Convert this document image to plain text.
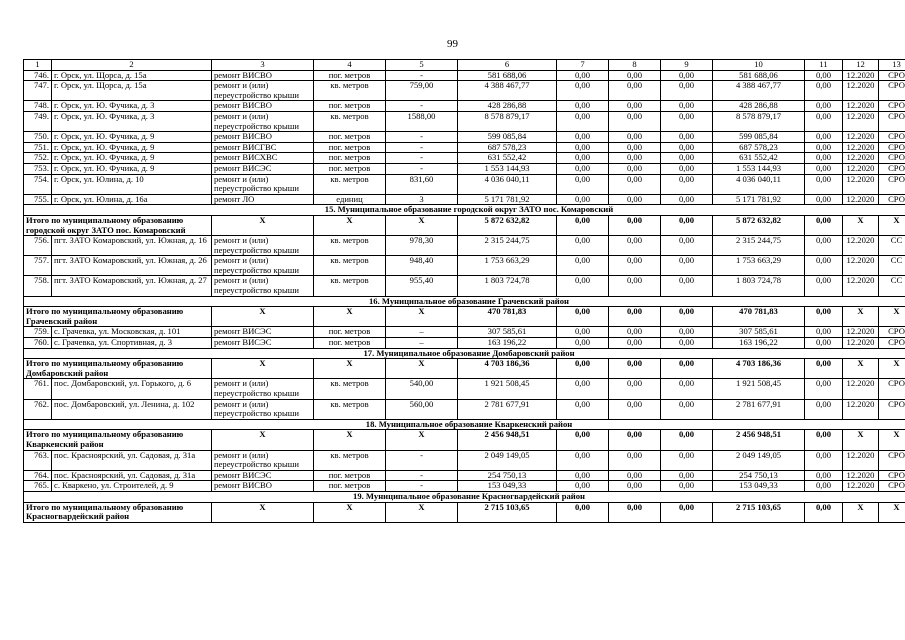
99
1	2	3	4	5	6	7	8	9	10	11	12	13
746.	г. Орск, ул. Щорса, д. 15а	ремонт ВИСВО	пог. метров	-	581 688,06	0,00	0,00	0,00	581 688,06	0,00	12.2020	СРО
747.	г. Орск, ул. Щорса, д. 15а	ремонт и (или) переустройство крыши	кв. метров	759,00	4 388 467,77	0,00	0,00	0,00	4 388 467,77	0,00	12.2020	СРО
748.	г. Орск, ул. Ю. Фучика, д. 3	ремонт ВИСВО	пог. метров	-	428 286,88	0,00	0,00	0,00	428 286,88	0,00	12.2020	СРО
749.	г. Орск, ул. Ю. Фучика, д. 3	ремонт и (или) переустройство крыши	кв. метров	1588,00	8 578 879,17	0,00	0,00	0,00	8 578 879,17	0,00	12.2020	СРО
750.	г. Орск, ул. Ю. Фучика, д. 9	ремонт ВИСВО	пог. метров	-	599 085,84	0,00	0,00	0,00	599 085,84	0,00	12.2020	СРО
751.	г. Орск, ул. Ю. Фучика, д. 9	ремонт ВИСГВС	пог. метров	-	687 578,23	0,00	0,00	0,00	687 578,23	0,00	12.2020	СРО
752.	г. Орск, ул. Ю. Фучика, д. 9	ремонт ВИСХВС	пог. метров	-	631 552,42	0,00	0,00	0,00	631 552,42	0,00	12.2020	СРО
753.	г. Орск, ул. Ю. Фучика, д. 9	ремонт ВИСЭС	пог. метров	-	1 553 144,93	0,00	0,00	0,00	1 553 144,93	0,00	12.2020	СРО
754.	г. Орск, ул. Юлина, д. 10	ремонт и (или) переустройство крыши	кв. метров	831,60	4 036 040,11	0,00	0,00	0,00	4 036 040,11	0,00	12.2020	СРО
755.	г. Орск, ул. Юлина, д. 16а	ремонт ЛО	единиц	3	5 171 781,92	0,00	0,00	0,00	5 171 781,92	0,00	12.2020	СРО
15. Муниципальное образование городской округ ЗАТО пос. Комаровский												
Итого по муниципальному образованию городской округ ЗАТО пос. Комаровский		X	X	X	5 872 632,82	0,00	0,00	0,00	5 872 632,82	0,00	X	X
756.	пгт. ЗАТО Комаровский, ул. Южная, д. 16	ремонт и (или) переустройство крыши	кв. метров	978,30	2 315 244,75	0,00	0,00	0,00	2 315 244,75	0,00	12.2020	СС
757.	пгт. ЗАТО Комаровский, ул. Южная, д. 26	ремонт и (или) переустройство крыши	кв. метров	948,40	1 753 663,29	0,00	0,00	0,00	1 753 663,29	0,00	12.2020	СС
758.	пгт. ЗАТО Комаровский, ул. Южная, д. 27	ремонт и (или) переустройство крыши	кв. метров	955,40	1 803 724,78	0,00	0,00	0,00	1 803 724,78	0,00	12.2020	СС
16. Муниципальное образование Грачевский район												
Итого по муниципальному образованию Грачевский район		X	X	X	470 781,83	0,00	0,00	0,00	470 781,83	0,00	X	X
759.	с. Грачевка, ул. Московская, д. 101	ремонт ВИСЭС	пог. метров	–	307 585,61	0,00	0,00	0,00	307 585,61	0,00	12.2020	СРО
760.	с. Грачевка, ул. Спортивная, д. 3	ремонт ВИСЭС	пог. метров	–	163 196,22	0,00	0,00	0,00	163 196,22	0,00	12.2020	СРО
17. Муниципальное образование Домбаровский район												
Итого по муниципальному образованию Домбаровский район		X	X	X	4 703 186,36	0,00	0,00	0,00	4 703 186,36	0,00	X	X
761.	пос. Домбаровский, ул. Горького, д. 6	ремонт и (или) переустройство крыши	кв. метров	540,00	1 921 508,45	0,00	0,00	0,00	1 921 508,45	0,00	12.2020	СРО
762.	пос. Домбаровский, ул. Ленина, д. 102	ремонт и (или) переустройство крыши	кв. метров	560,00	2 781 677,91	0,00	0,00	0,00	2 781 677,91	0,00	12.2020	СРО
18. Муниципальное образование Кваркенский район												
Итого по муниципальному образованию Кваркенский район		X	X	X	2 456 948,51	0,00	0,00	0,00	2 456 948,51	0,00	X	X
763.	пос. Красноярский, ул. Садовая, д. 31а	ремонт и (или) переустройство крыши	кв. метров	-	2 049 149,05	0,00	0,00	0,00	2 049 149,05	0,00	12.2020	СРО
764.	пос. Красноярский, ул. Садовая, д. 31а	ремонт ВИСЭС	пог. метров	-	254 750,13	0,00	0,00	0,00	254 750,13	0,00	12.2020	СРО
765.	с. Кваркено, ул. Строителей, д. 9	ремонт ВИСВО	пог. метров	-	153 049,33	0,00	0,00	0,00	153 049,33	0,00	12.2020	СРО
19. Муниципальное образование Красногвардейский район												
Итого по муниципальному образованию Красногвардейский район		X	X	X	2 715 103,65	0,00	0,00	0,00	2 715 103,65	0,00	X	X
